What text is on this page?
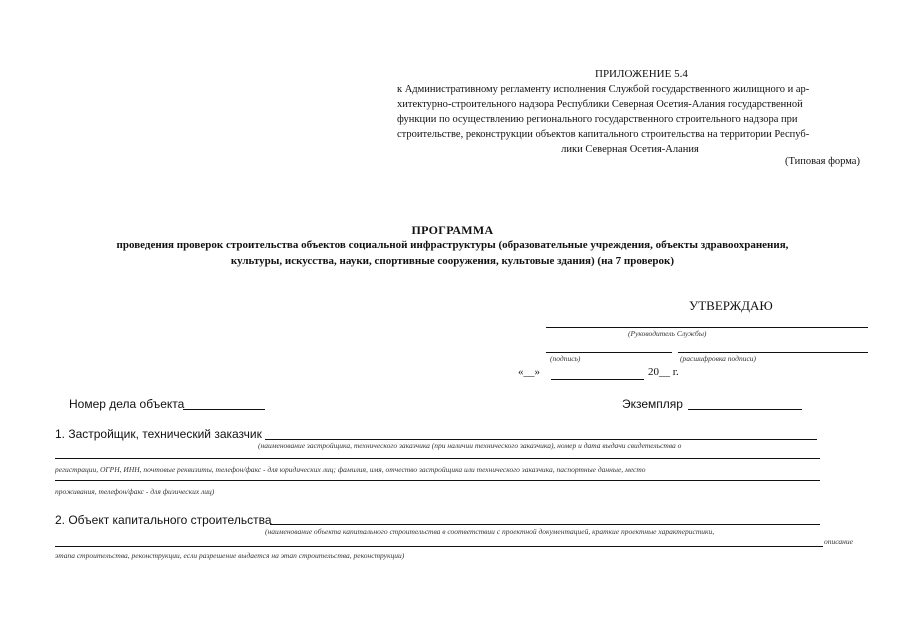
ПРИЛОЖЕНИЕ 5.4
к Административному регламенту исполнения Службой государственного жилищного и ар-
хитектурно-строительного надзора Республики Северная Осетия-Алания государственной
функции по осуществлению регионального государственного строительного надзора при
строительстве, реконструкции объектов капитального строительства на территории Респуб-
лики Северная Осетия-Алания
(Типовая форма)
ПРОГРАММА
проведения проверок строительства объектов социальной инфраструктуры (образовательные учреждения, объекты здравоохранения,
культуры, искусства, науки, спортивные сооружения, культовые здания) (на 7 проверок)
УТВЕРЖДАЮ
(Руководитель Службы)
(подпись)	(расшифровка подписи)
«__»	20__ г.
Номер дела объекта	Экземпляр
1. Застройщик, технический заказчик
(наименование застройщика, технического заказчика (при наличии технического заказчика), номер и дата выдачи свидетельства о
регистрации, ОГРН, ИНН, почтовые реквизиты, телефон/факс - для юридических лиц; фамилия, имя, отчество застройщика или технического заказчика, паспортные данные, место
проживания, телефон/факс - для физических лиц)
2. Объект капитального строительства
(наименование объекта капитального строительства в соответствии с проектной документацией, краткие проектные характеристики,
описание
этапа строительства, реконструкции, если разрешение выдается на этап строительства, реконструкции)
